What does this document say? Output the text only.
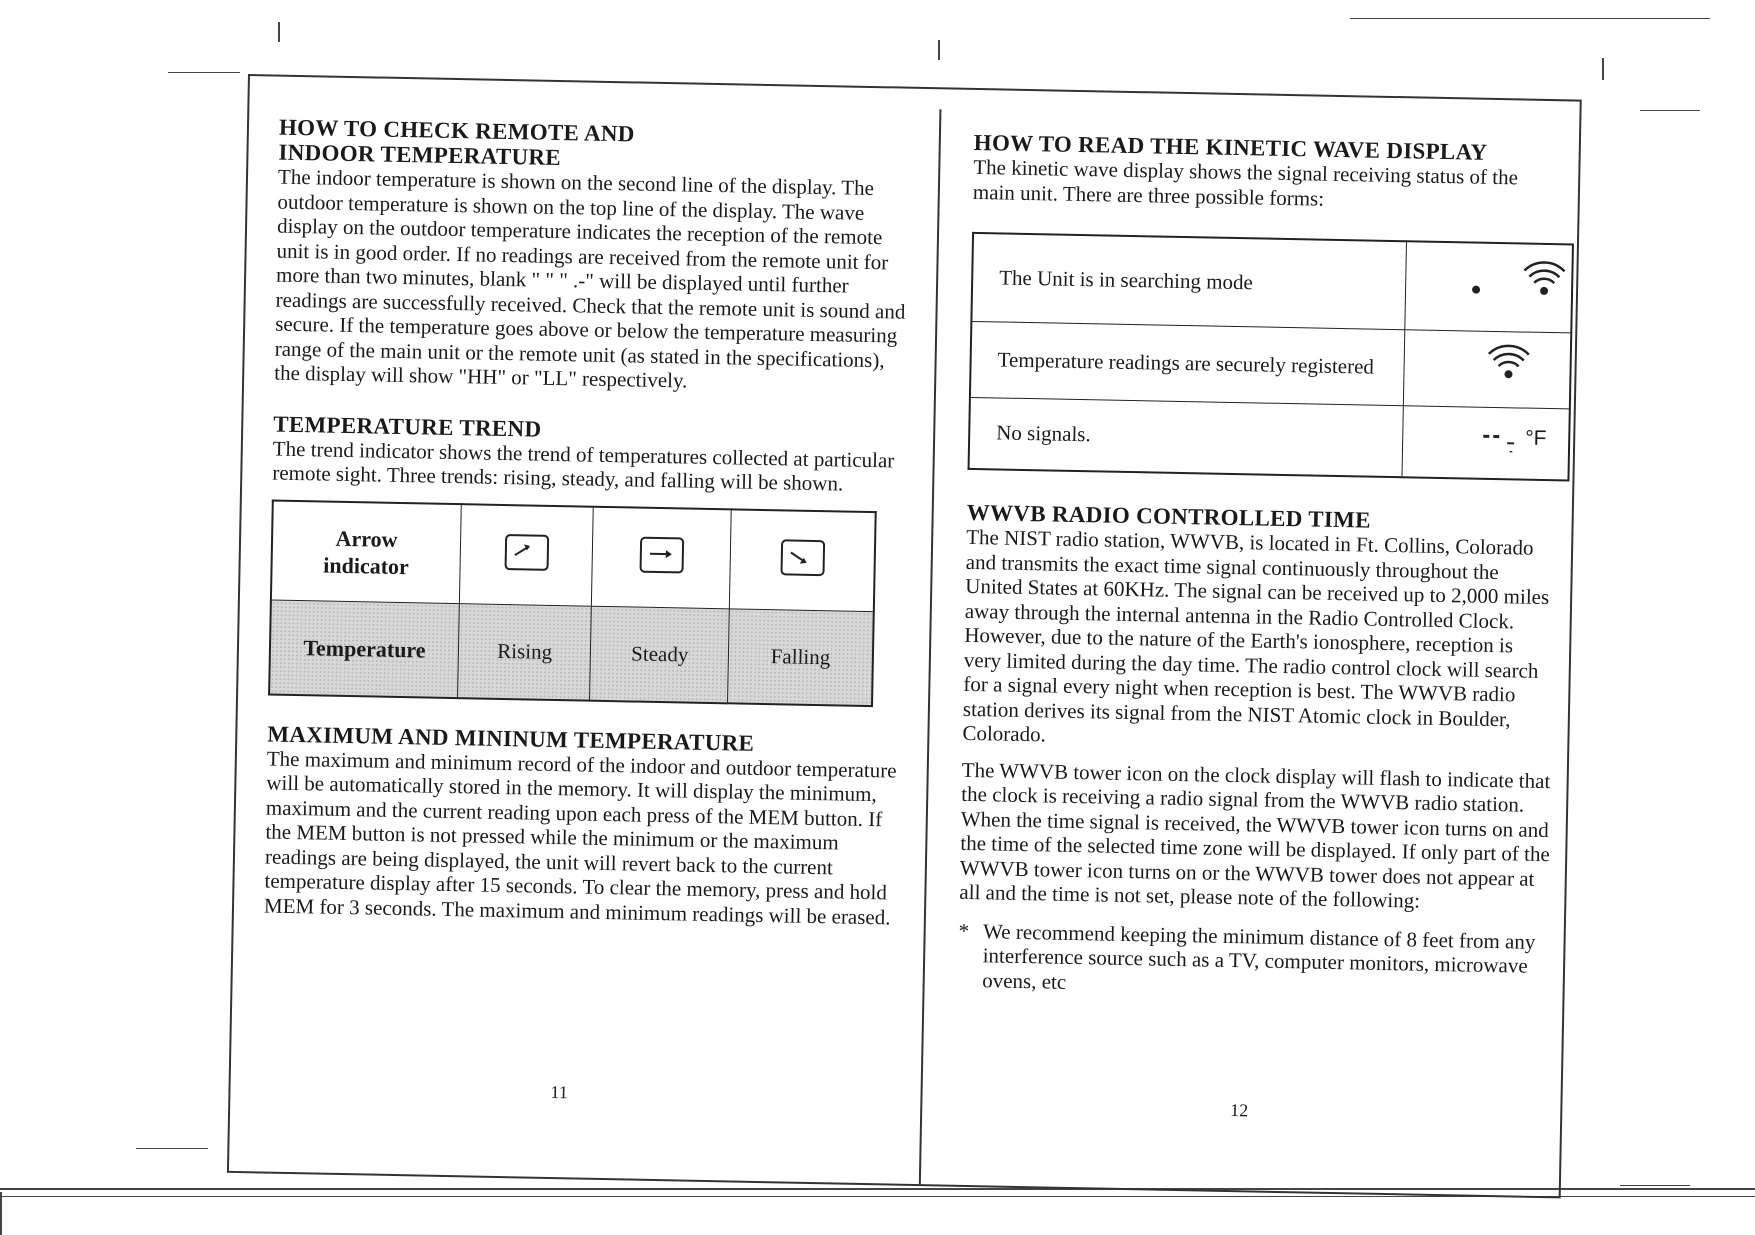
HOW TO CHECK REMOTE AND
INDOOR TEMPERATURE

The indoor temperature is shown on the second line of the display. The outdoor temperature is shown on the top line of the display. The wave display on the outdoor temperature indicates the reception of the remote unit is in good order. If no readings are received from the remote unit for more than two minutes, blank " " " .-" will be displayed until further readings are successfully received. Check that the remote unit is sound and secure. If the temperature goes above or below the temperature measuring range of the main unit or the remote unit (as stated in the specifications), the display will show "HH" or "LL" respectively.

TEMPERATURE TREND

The trend indicator shows the trend of temperatures collected at particular remote sight. Three trends: rising, steady, and falling will be shown.

Arrow
indicator	

Temperature	Rising	Steady	Falling
MAXIMUM AND MININUM TEMPERATURE

The maximum and minimum record of the indoor and outdoor temperature will be automatically stored in the memory. It will display the minimum, maximum and the current reading upon each press of the MEM button. If the MEM button is not pressed while the minimum or the maximum readings are being displayed, the unit will revert back to the current temperature display after 15 seconds. To clear the memory, press and hold MEM for 3 seconds. The maximum and minimum readings will be erased.

11
HOW TO READ THE KINETIC WAVE DISPLAY

The kinetic wave display shows the signal receiving status of the main unit. There are three possible forms:

The Unit is in searching mode	
Temperature readings are securely registered	
No signals.	°F
WWVB RADIO CONTROLLED TIME

The NIST radio station, WWVB, is located in Ft. Collins, Colorado and transmits the exact time signal continuously throughout the United States at 60KHz. The signal can be received up to 2,000 miles away through the internal antenna in the Radio Controlled Clock. However, due to the nature of the Earth's ionosphere, reception is very limited during the day time. The radio control clock will search for a signal every night when reception is best. The WWVB radio station derives its signal from the NIST Atomic clock in Boulder, Colorado.

The WWVB tower icon on the clock display will flash to indicate that the clock is receiving a radio signal from the WWVB radio station. When the time signal is received, the WWVB tower icon turns on and the time of the selected time zone will be displayed. If only part of the WWVB tower icon turns on or the WWVB tower does not appear at all and the time is not set, please note of the following:

* We recommend keeping the minimum distance of 8 feet from any interference source such as a TV, computer monitors, microwave ovens, etc
12
